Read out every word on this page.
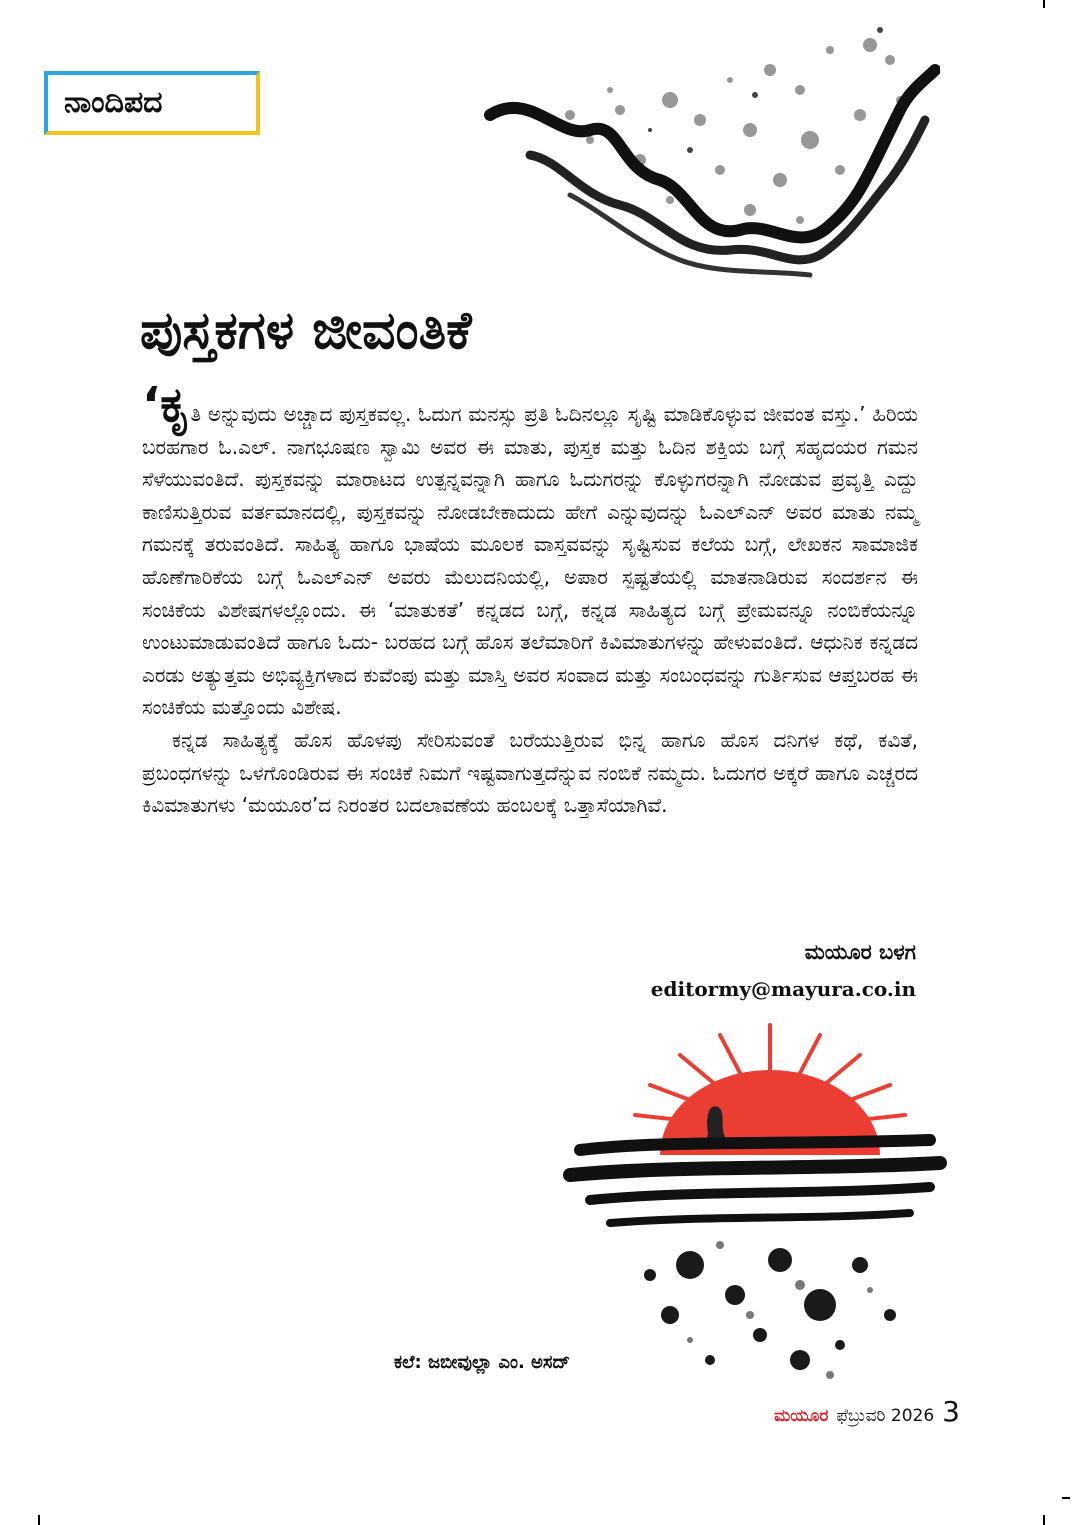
ನಾಂದಿಪದ
ಪುಸ್ತಕಗಳ ಜೀವಂತಿಕೆ

‘ಕೃತಿ ಅನ್ನುವುದು ಅಚ್ಚಾದ ಪುಸ್ತಕವಲ್ಲ. ಓದುಗ ಮನಸ್ಸು ಪ್ರತಿ ಓದಿನಲ್ಲೂ ಸೃಷ್ಟಿ ಮಾಡಿಕೊಳ್ಳುವ ಜೀವಂತ ವಸ್ತು.’ ಹಿರಿಯ ಬರಹಗಾರ ಓ.ಎಲ್. ನಾಗಭೂಷಣ ಸ್ವಾಮಿ ಅವರ ಈ ಮಾತು, ಪುಸ್ತಕ ಮತ್ತು ಓದಿನ ಶಕ್ತಿಯ ಬಗ್ಗೆ ಸಹೃದಯರ ಗಮನ ಸೆಳೆಯುವಂತಿದೆ. ಪುಸ್ತಕವನ್ನು ಮಾರಾಟದ ಉತ್ಪನ್ನವನ್ನಾಗಿ ಹಾಗೂ ಓದುಗರನ್ನು ಕೊಳ್ಳುಗರನ್ನಾಗಿ ನೋಡುವ ಪ್ರವೃತ್ತಿ ಎದ್ದು ಕಾಣಿಸುತ್ತಿರುವ ವರ್ತಮಾನದಲ್ಲಿ, ಪುಸ್ತಕವನ್ನು ನೋಡಬೇಕಾದುದು ಹೇಗೆ ಎನ್ನುವುದನ್ನು ಓಎಲ್‌ಎನ್ ಅವರ ಮಾತು ನಮ್ಮ ಗಮನಕ್ಕೆ ತರುವಂತಿದೆ. ಸಾಹಿತ್ಯ ಹಾಗೂ ಭಾಷೆಯ ಮೂಲಕ ವಾಸ್ತವವನ್ನು ಸೃಷ್ಟಿಸುವ ಕಲೆಯ ಬಗ್ಗೆ, ಲೇಖಕನ ಸಾಮಾಜಿಕ ಹೊಣೆಗಾರಿಕೆಯ ಬಗ್ಗೆ ಓಎಲ್‌ಎನ್ ಅವರು ಮೆಲುದನಿಯಲ್ಲಿ, ಅಪಾರ ಸ್ಪಷ್ಟತೆಯಲ್ಲಿ ಮಾತನಾಡಿರುವ ಸಂದರ್ಶನ ಈ ಸಂಚಿಕೆಯ ವಿಶೇಷಗಳಲ್ಲೊಂದು. ಈ ‘ಮಾತುಕತೆ’ ಕನ್ನಡದ ಬಗ್ಗೆ, ಕನ್ನಡ ಸಾಹಿತ್ಯದ ಬಗ್ಗೆ ಪ್ರೇಮವನ್ನೂ ನಂಬಿಕೆಯನ್ನೂ ಉಂಟುಮಾಡುವಂತಿದೆ ಹಾಗೂ ಓದು- ಬರಹದ ಬಗ್ಗೆ ಹೊಸ ತಲೆಮಾರಿಗೆ ಕಿವಿಮಾತುಗಳನ್ನು ಹೇಳುವಂತಿದೆ. ಆಧುನಿಕ ಕನ್ನಡದ ಎರಡು ಅತ್ಯುತ್ತಮ ಅಭಿವ್ಯಕ್ತಿಗಳಾದ ಕುವೆಂಪು ಮತ್ತು ಮಾಸ್ತಿ ಅವರ ಸಂವಾದ ಮತ್ತು ಸಂಬಂಧವನ್ನು ಗುರ್ತಿಸುವ ಆಪ್ತಬರಹ ಈ ಸಂಚಿಕೆಯ ಮತ್ತೊಂದು ವಿಶೇಷ.

ಕನ್ನಡ ಸಾಹಿತ್ಯಕ್ಕೆ ಹೊಸ ಹೊಳಪು ಸೇರಿಸುವಂತೆ ಬರೆಯುತ್ತಿರುವ ಭಿನ್ನ ಹಾಗೂ ಹೊಸ ದನಿಗಳ ಕಥೆ, ಕವಿತೆ, ಪ್ರಬಂಧಗಳನ್ನು ಒಳಗೊಂಡಿರುವ ಈ ಸಂಚಿಕೆ ನಿಮಗೆ ಇಷ್ಟವಾಗುತ್ತದೆನ್ನುವ ನಂಬಿಕೆ ನಮ್ಮದು. ಓದುಗರ ಅಕ್ಕರೆ ಹಾಗೂ ಎಚ್ಚರದ ಕಿವಿಮಾತುಗಳು ‘ಮಯೂರ’ದ ನಿರಂತರ ಬದಲಾವಣೆಯ ಹಂಬಲಕ್ಕೆ ಒತ್ತಾಸೆಯಾಗಿವೆ.

ಮಯೂರ ಬಳಗ
editormy@mayura.co.in
ಕಲೆ: ಜಬೀವುಲ್ಲಾ ಎಂ. ಅಸದ್
ಮಯೂರ ಫೆಬ್ರುವರಿ 2026 3
